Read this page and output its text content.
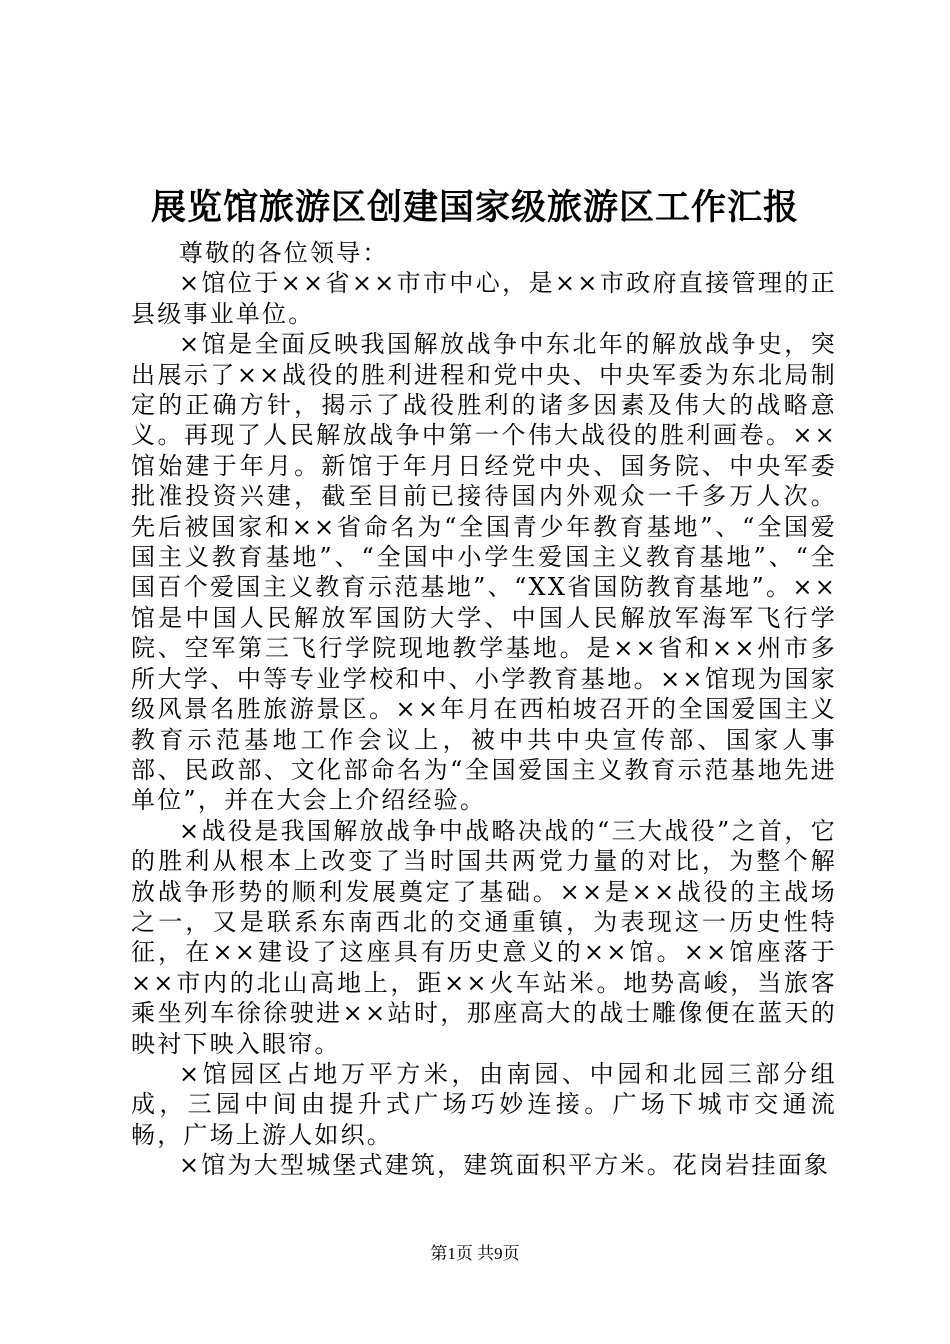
展览馆旅游区创建国家级旅游区工作汇报

尊敬的各位领导：

×馆位于××省××市市中心，是××市政府直接管理的正县级事业单位。

×馆是全面反映我国解放战争中东北年的解放战争史，突出展示了××战役的胜利进程和党中央、中央军委为东北局制定的正确方针，揭示了战役胜利的诸多因素及伟大的战略意义。再现了人民解放战争中第一个伟大战役的胜利画卷。××馆始建于年月。新馆于年月日经党中央、国务院、中央军委批准投资兴建，截至目前已接待国内外观众一千多万人次。先后被国家和××省命名为“全国青少年教育基地”、“全国爱国主义教育基地”、“全国中小学生爱国主义教育基地”、“全国百个爱国主义教育示范基地”、“XX省国防教育基地”。××馆是中国人民解放军国防大学、中国人民解放军海军飞行学院、空军第三飞行学院现地教学基地。是××省和××州市多所大学、中等专业学校和中、小学教育基地。××馆现为国家级风景名胜旅游景区。××年月在西柏坡召开的全国爱国主义教育示范基地工作会议上，被中共中央宣传部、国家人事部、民政部、文化部命名为“全国爱国主义教育示范基地先进单位”，并在大会上介绍经验。

×战役是我国解放战争中战略决战的“三大战役”之首，它的胜利从根本上改变了当时国共两党力量的对比，为整个解放战争形势的顺利发展奠定了基础。××是××战役的主战场之一，又是联系东南西北的交通重镇，为表现这一历史性特征，在××建设了这座具有历史意义的××馆。××馆座落于××市内的北山高地上，距××火车站米。地势高峻，当旅客乘坐列车徐徐驶进××站时，那座高大的战士雕像便在蓝天的映衬下映入眼帘。

×馆园区占地万平方米，由南园、中园和北园三部分组成，三园中间由提升式广场巧妙连接。广场下城市交通流畅，广场上游人如织。

×馆为大型城堡式建筑，建筑面积平方米。花岗岩挂面象

第1页 共9页
